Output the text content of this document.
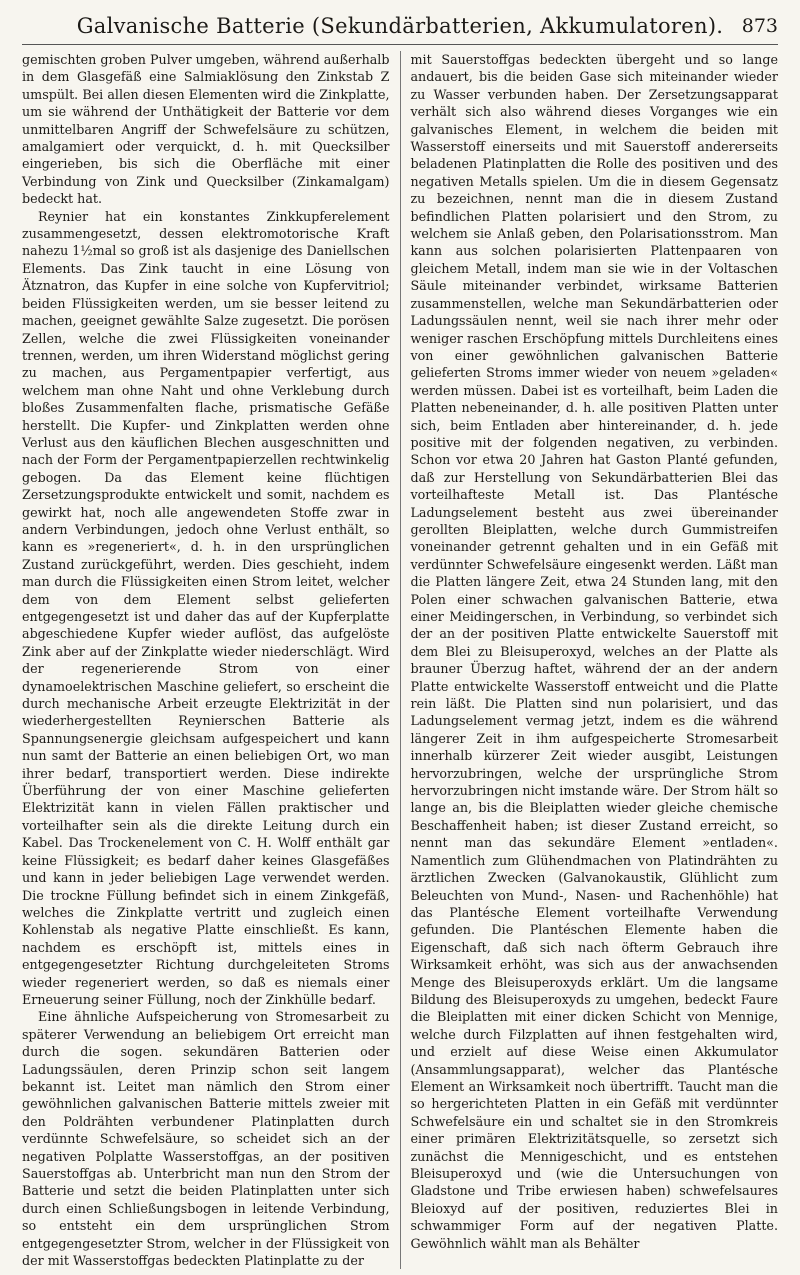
Galvanische Batterie (Sekundärbatterien, Akkumulatoren). 873

gemischten groben Pulver umgeben, während außerhalb in dem Glasgefäß eine Salmiaklösung den Zinkstab Z umspült. Bei allen diesen Elementen wird die Zinkplatte, um sie während der Unthätigkeit der Batterie vor dem unmittelbaren Angriff der Schwefelsäure zu schützen, amalgamiert oder verquickt, d. h. mit Quecksilber eingerieben, bis sich die Oberfläche mit einer Verbindung von Zink und Quecksilber (Zinkamalgam) bedeckt hat.

Reynier hat ein konstantes Zinkkupferelement zusammengesetzt, dessen elektromotorische Kraft nahezu 1½mal so groß ist als dasjenige des Daniellschen Elements. Das Zink taucht in eine Lösung von Ätznatron, das Kupfer in eine solche von Kupfervitriol; beiden Flüssigkeiten werden, um sie besser leitend zu machen, geeignet gewählte Salze zugesetzt. Die porösen Zellen, welche die zwei Flüssigkeiten voneinander trennen, werden, um ihren Widerstand möglichst gering zu machen, aus Pergamentpapier verfertigt, aus welchem man ohne Naht und ohne Verklebung durch bloßes Zusammenfalten flache, prismatische Gefäße herstellt. Die Kupfer- und Zinkplatten werden ohne Verlust aus den käuflichen Blechen ausgeschnitten und nach der Form der Pergamentpapierzellen rechtwinkelig gebogen. Da das Element keine flüchtigen Zersetzungsprodukte entwickelt und somit, nachdem es gewirkt hat, noch alle angewendeten Stoffe zwar in andern Verbindungen, jedoch ohne Verlust enthält, so kann es »regeneriert«, d. h. in den ursprünglichen Zustand zurückgeführt, werden. Dies geschieht, indem man durch die Flüssigkeiten einen Strom leitet, welcher dem von dem Element selbst gelieferten entgegengesetzt ist und daher das auf der Kupferplatte abgeschiedene Kupfer wieder auflöst, das aufgelöste Zink aber auf der Zinkplatte wieder niederschlägt. Wird der regenerierende Strom von einer dynamoelektrischen Maschine geliefert, so erscheint die durch mechanische Arbeit erzeugte Elektrizität in der wiederhergestellten Reynierschen Batterie als Spannungsenergie gleichsam aufgespeichert und kann nun samt der Batterie an einen beliebigen Ort, wo man ihrer bedarf, transportiert werden. Diese indirekte Überführung der von einer Maschine gelieferten Elektrizität kann in vielen Fällen praktischer und vorteilhafter sein als die direkte Leitung durch ein Kabel. Das Trockenelement von C. H. Wolff enthält gar keine Flüssigkeit; es bedarf daher keines Glasgefäßes und kann in jeder beliebigen Lage verwendet werden. Die trockne Füllung befindet sich in einem Zinkgefäß, welches die Zinkplatte vertritt und zugleich einen Kohlenstab als negative Platte einschließt. Es kann, nachdem es erschöpft ist, mittels eines in entgegengesetzter Richtung durchgeleiteten Stroms wieder regeneriert werden, so daß es niemals einer Erneuerung seiner Füllung, noch der Zinkhülle bedarf.

Eine ähnliche Aufspeicherung von Stromesarbeit zu späterer Verwendung an beliebigem Ort erreicht man durch die sogen. sekundären Batterien oder Ladungssäulen, deren Prinzip schon seit langem bekannt ist. Leitet man nämlich den Strom einer gewöhnlichen galvanischen Batterie mittels zweier mit den Poldrähten verbundener Platinplatten durch verdünnte Schwefelsäure, so scheidet sich an der negativen Polplatte Wasserstoffgas, an der positiven Sauerstoffgas ab. Unterbricht man nun den Strom der Batterie und setzt die beiden Platinplatten unter sich durch einen Schließungsbogen in leitende Verbindung, so entsteht ein dem ursprünglichen Strom entgegengesetzter Strom, welcher in der Flüssigkeit von der mit Wasserstoffgas bedeckten Platinplatte zu der

mit Sauerstoffgas bedeckten übergeht und so lange andauert, bis die beiden Gase sich miteinander wieder zu Wasser verbunden haben. Der Zersetzungsapparat verhält sich also während dieses Vorganges wie ein galvanisches Element, in welchem die beiden mit Wasserstoff einerseits und mit Sauerstoff andererseits beladenen Platinplatten die Rolle des positiven und des negativen Metalls spielen. Um die in diesem Gegensatz zu bezeichnen, nennt man die in diesem Zustand befindlichen Platten polarisiert und den Strom, zu welchem sie Anlaß geben, den Polarisationsstrom. Man kann aus solchen polarisierten Plattenpaaren von gleichem Metall, indem man sie wie in der Voltaschen Säule miteinander verbindet, wirksame Batterien zusammenstellen, welche man Sekundärbatterien oder Ladungssäulen nennt, weil sie nach ihrer mehr oder weniger raschen Erschöpfung mittels Durchleitens eines von einer gewöhnlichen galvanischen Batterie gelieferten Stroms immer wieder von neuem »geladen« werden müssen. Dabei ist es vorteilhaft, beim Laden die Platten nebeneinander, d. h. alle positiven Platten unter sich, beim Entladen aber hintereinander, d. h. jede positive mit der folgenden negativen, zu verbinden. Schon vor etwa 20 Jahren hat Gaston Planté gefunden, daß zur Herstellung von Sekundärbatterien Blei das vorteilhafteste Metall ist. Das Plantésche Ladungselement besteht aus zwei übereinander gerollten Bleiplatten, welche durch Gummistreifen voneinander getrennt gehalten und in ein Gefäß mit verdünnter Schwefelsäure eingesenkt werden. Läßt man die Platten längere Zeit, etwa 24 Stunden lang, mit den Polen einer schwachen galvanischen Batterie, etwa einer Meidingerschen, in Verbindung, so verbindet sich der an der positiven Platte entwickelte Sauerstoff mit dem Blei zu Bleisuperoxyd, welches an der Platte als brauner Überzug haftet, während der an der andern Platte entwickelte Wasserstoff entweicht und die Platte rein läßt. Die Platten sind nun polarisiert, und das Ladungselement vermag jetzt, indem es die während längerer Zeit in ihm aufgespeicherte Stromesarbeit innerhalb kürzerer Zeit wieder ausgibt, Leistungen hervorzubringen, welche der ursprüngliche Strom hervorzubringen nicht imstande wäre. Der Strom hält so lange an, bis die Bleiplatten wieder gleiche chemische Beschaffenheit haben; ist dieser Zustand erreicht, so nennt man das sekundäre Element »entladen«. Namentlich zum Glühendmachen von Platindrähten zu ärztlichen Zwecken (Galvanokaustik, Glühlicht zum Beleuchten von Mund-, Nasen- und Rachenhöhle) hat das Plantésche Element vorteilhafte Verwendung gefunden. Die Plantéschen Elemente haben die Eigenschaft, daß sich nach öfterm Gebrauch ihre Wirksamkeit erhöht, was sich aus der anwachsenden Menge des Bleisuperoxyds erklärt. Um die langsame Bildung des Bleisuperoxyds zu umgehen, bedeckt Faure die Bleiplatten mit einer dicken Schicht von Mennige, welche durch Filzplatten auf ihnen festgehalten wird, und erzielt auf diese Weise einen Akkumulator (Ansammlungsapparat), welcher das Plantésche Element an Wirksamkeit noch übertrifft. Taucht man die so hergerichteten Platten in ein Gefäß mit verdünnter Schwefelsäure ein und schaltet sie in den Stromkreis einer primären Elektrizitätsquelle, so zersetzt sich zunächst die Mennigeschicht, und es entstehen Bleisuperoxyd und (wie die Untersuchungen von Gladstone und Tribe erwiesen haben) schwefelsaures Bleioxyd auf der positiven, reduziertes Blei in schwammiger Form auf der negativen Platte. Gewöhnlich wählt man als Behälter
